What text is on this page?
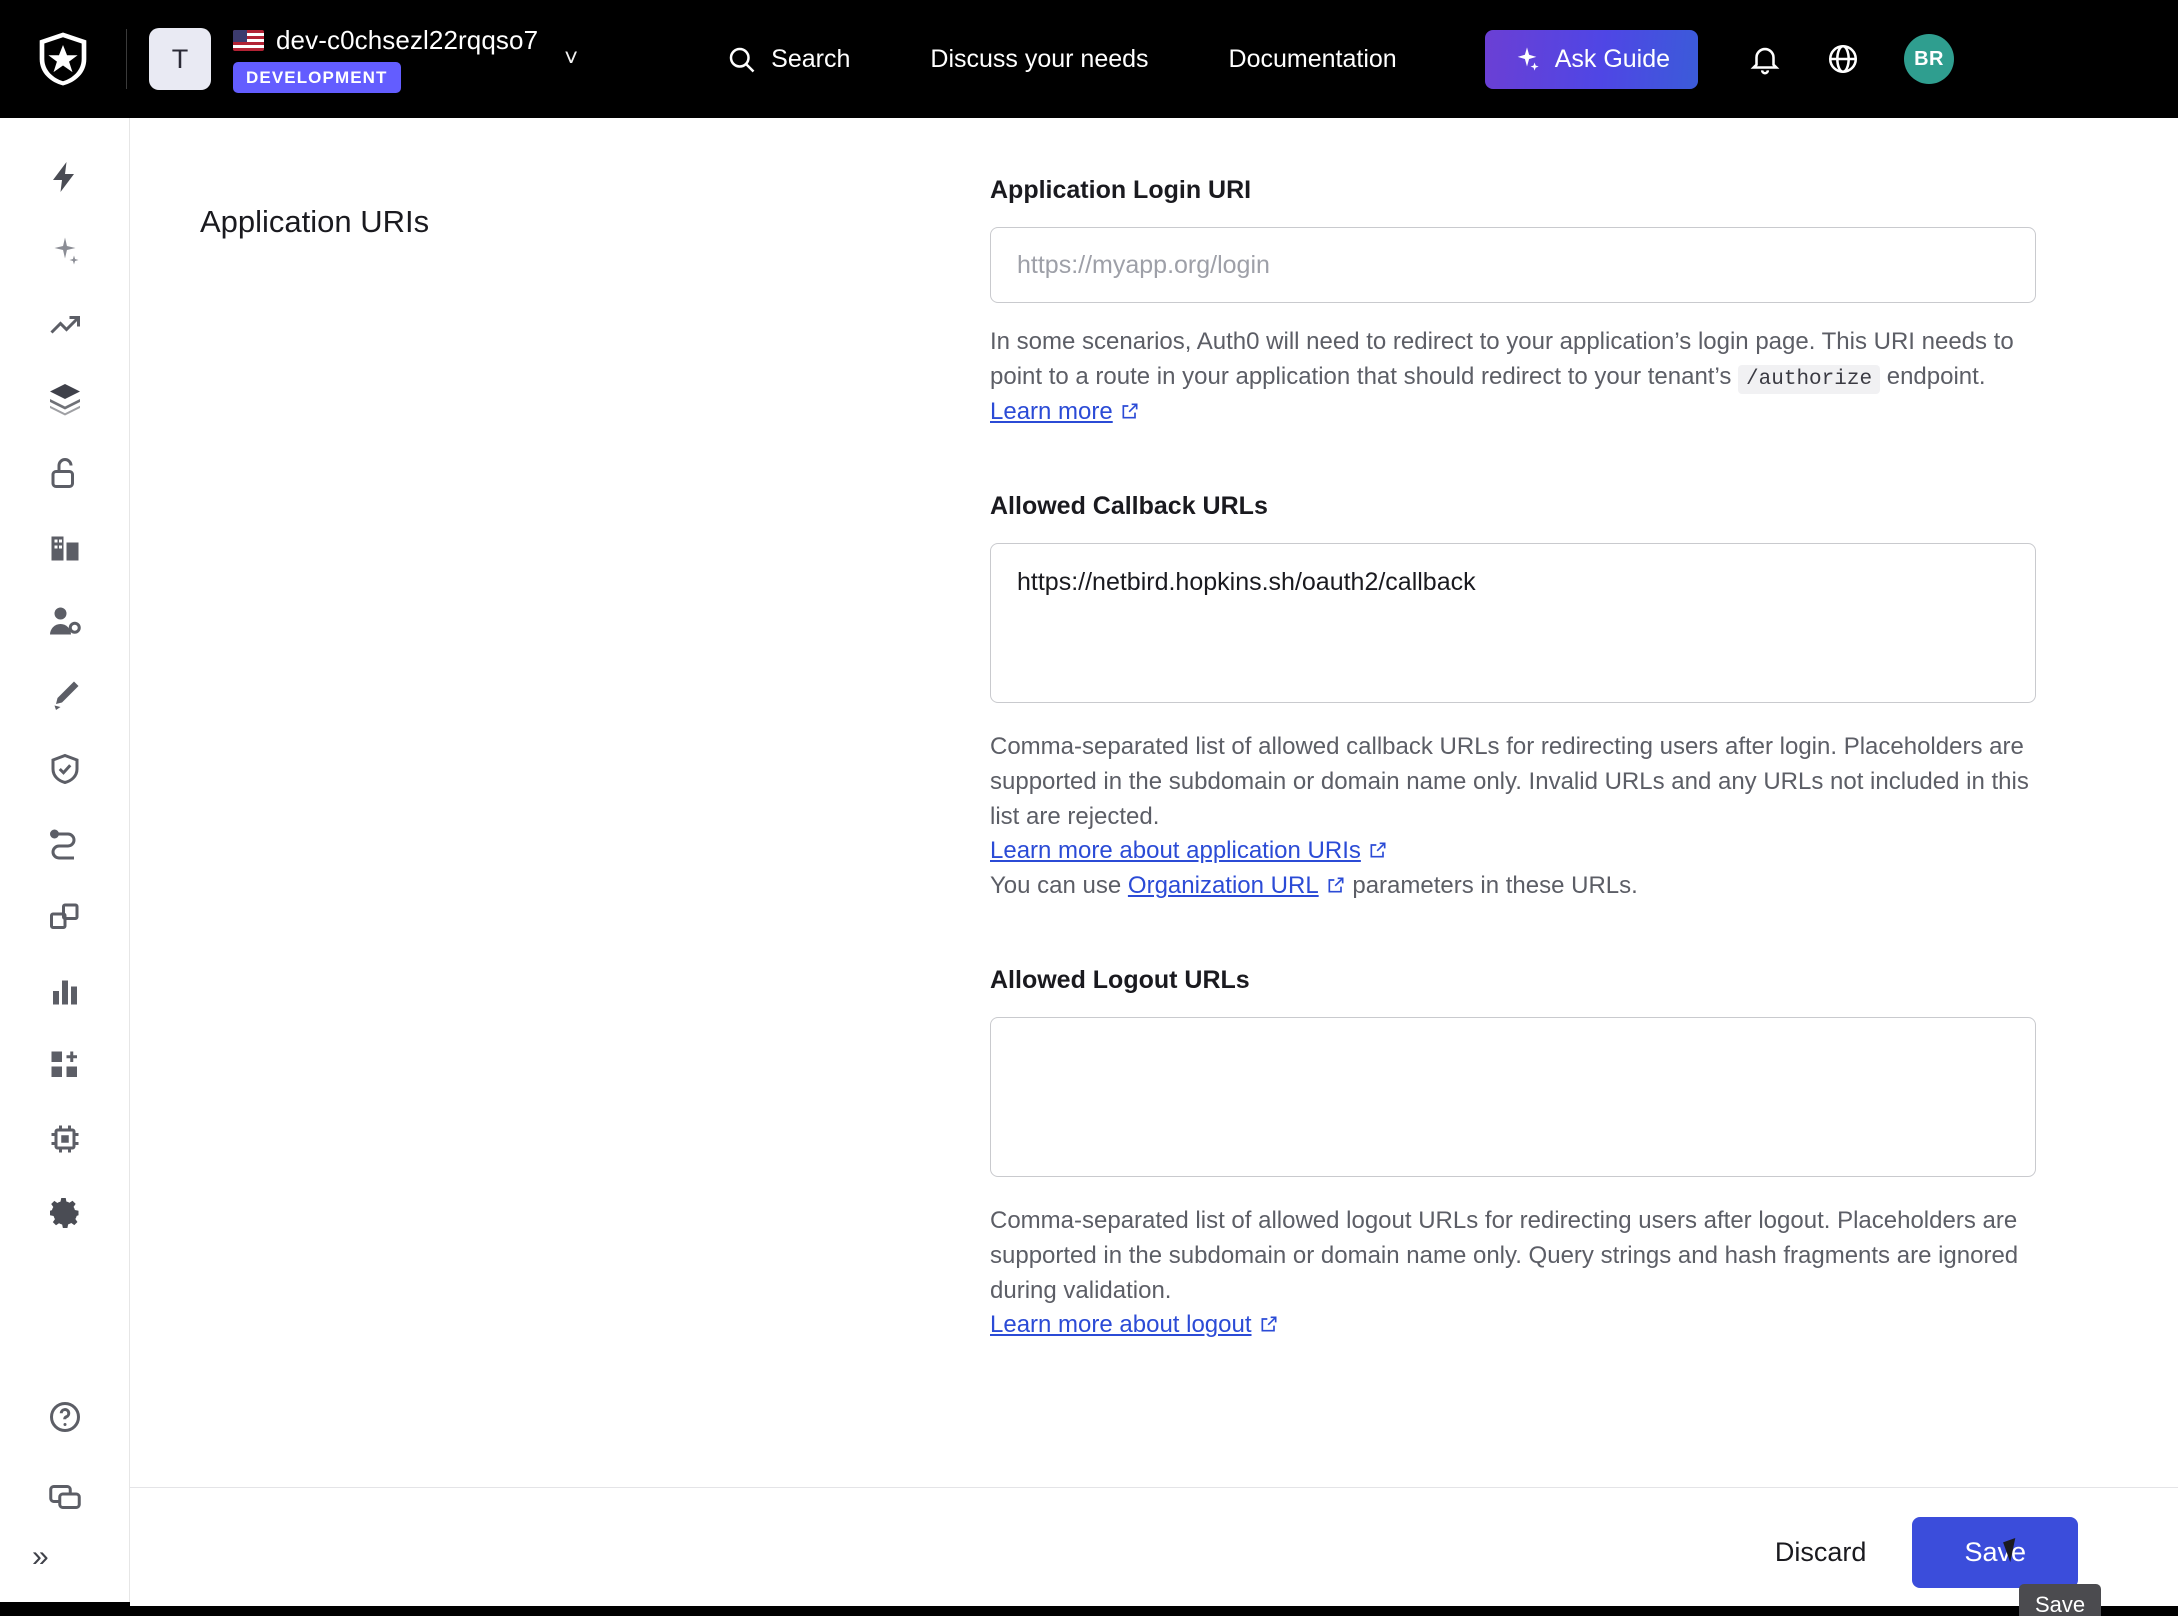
T
dev-c0chsezl22rqqso7
DEVELOPMENT
˅	Search	Discuss your needs	Documentation	Ask Guide	BR
»
Application URIs
Application Login URI
https://myapp.org/login
In some scenarios, Auth0 will need to redirect to your application’s login page. This URI needs to point to a route in your application that should redirect to your tenant’s /authorize endpoint. Learn more
Allowed Callback URLs
https://netbird.hopkins.sh/oauth2/callback
Comma-separated list of allowed callback URLs for redirecting users after login. Placeholders are supported in the subdomain or domain name only. Invalid URLs and any URLs not included in this list are rejected.
Learn more about application URIs
You can use Organization URL parameters in these URLs.
Allowed Logout URLs
Comma-separated list of allowed logout URLs for redirecting users after logout. Placeholders are supported in the subdomain or domain name only. Query strings and hash fragments are ignored during validation.
Learn more about logout
Discard	Save
Save
